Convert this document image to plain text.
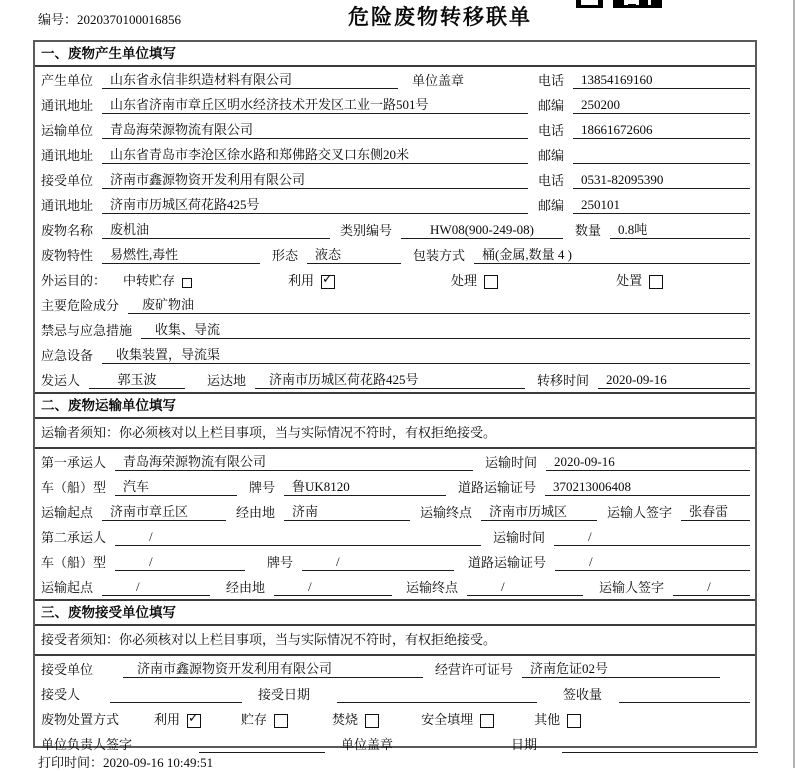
编号：2020370100016856	危险废物转移联单
一、废物产生单位填写
产生单位	山东省永信非织造材料有限公司	单位盖章	电话	13854169160
通讯地址	山东省济南市章丘区明水经济技术开发区工业一路501号	邮编	250200
运输单位	青岛海荣源物流有限公司	电话	18661672606
通讯地址	山东省青岛市李沧区徐水路和郑佛路交叉口东侧20米	邮编
接受单位	济南市鑫源物资开发利用有限公司	电话	0531-82095390
通讯地址	济南市历城区荷花路425号	邮编	250101
废物名称	废机油	类别编号	HW08(900-249-08)	数量	0.8吨
废物特性	易燃性,毒性	形态	液态	包装方式	桶(金属,数量 4 )
外运目的： 中转贮存	利用 ✓	处理	处置
主要危险成分	废矿物油
禁忌与应急措施	收集、导流
应急设备	收集装置，导流渠
发运人	郭玉波	运达地	济南市历城区荷花路425号	转移时间	2020-09-16
二、废物运输单位填写
运输者须知：你必须核对以上栏目事项，当与实际情况不符时，有权拒绝接受。
第一承运人	青岛海荣源物流有限公司	运输时间	2020-09-16
车（船）型	汽车	牌号	鲁UK8120	道路运输证号	370213006408
运输起点	济南市章丘区	经由地	济南	运输终点	济南市历城区	运输人签字	张春雷
第二承运人	/	运输时间	/
车（船）型	/	牌号	/	道路运输证号	/
运输起点	/	经由地	/	运输终点	/	运输人签字	/
三、废物接受单位填写
接受者须知：你必须核对以上栏目事项，当与实际情况不符时，有权拒绝接受。
接受单位	济南市鑫源物资开发利用有限公司	经营许可证号	济南危证02号
接受人	接受日期	签收量
废物处置方式	利用 ✓	贮存	焚烧	安全填埋	其他
单位负责人签字	单位盖章	日期
打印时间：2020-09-16 10:49:51
